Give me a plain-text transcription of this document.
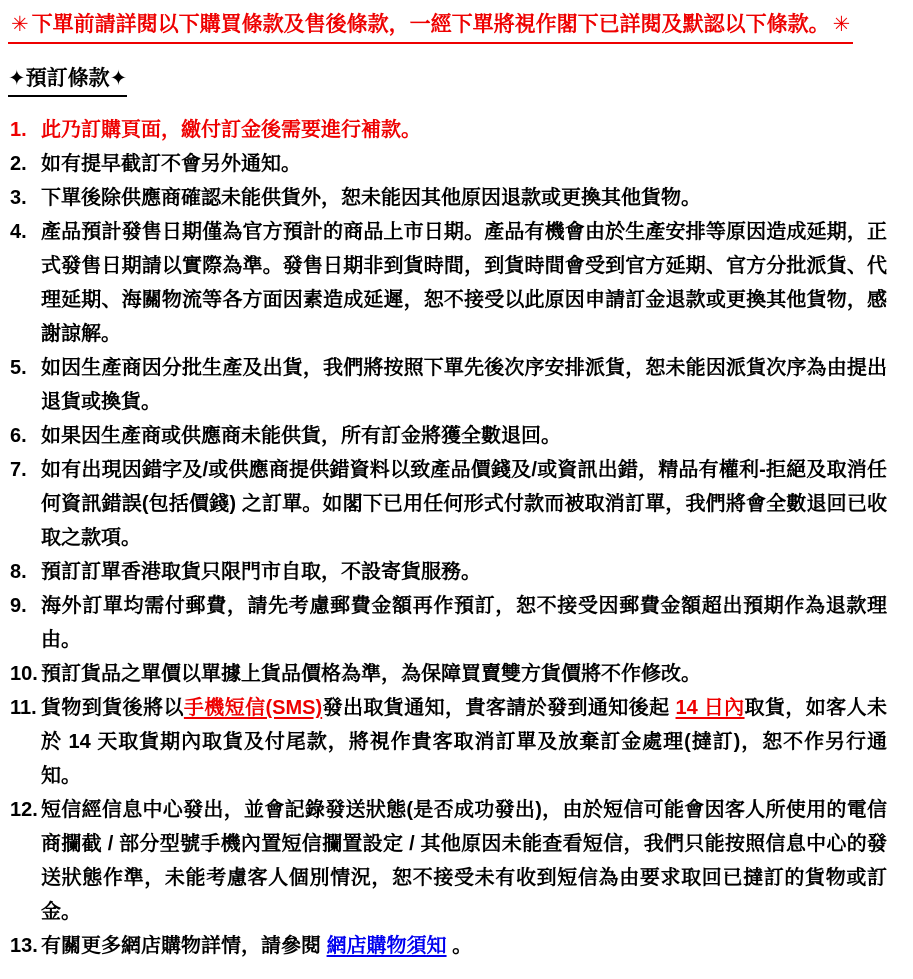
✳ 下單前請詳閱以下購買條款及售後條款，一經下單將視作閣下已詳閱及默認以下條款。 ✳
✦預訂條款✦
1. 此乃訂購頁面，繳付訂金後需要進行補款。
2. 如有提早截訂不會另外通知。
3. 下單後除供應商確認未能供貨外，恕未能因其他原因退款或更換其他貨物。
4. 產品預計發售日期僅為官方預計的商品上市日期。產品有機會由於生產安排等原因造成延期，正式發售日期請以實際為準。發售日期非到貨時間，到貨時間會受到官方延期、官方分批派貨、代理延期、海關物流等各方面因素造成延遲，恕不接受以此原因申請訂金退款或更換其他貨物，感謝諒解。
5. 如因生產商因分批生產及出貨，我們將按照下單先後次序安排派貨，恕未能因派貨次序為由提出退貨或換貨。
6. 如果因生產商或供應商未能供貨，所有訂金將獲全數退回。
7. 如有出現因錯字及/或供應商提供錯資料以致產品價錢及/或資訊出錯，精品有權利-拒絕及取消任何資訊錯誤(包括價錢) 之訂單。如閣下已用任何形式付款而被取消訂單，我們將會全數退回已收取之款項。
8. 預訂訂單香港取貨只限門市自取，不設寄貨服務。
9. 海外訂單均需付郵費，請先考慮郵費金額再作預訂，恕不接受因郵費金額超出預期作為退款理由。
10. 預訂貨品之單價以單據上貨品價格為準，為保障買賣雙方貨價將不作修改。
11. 貨物到貨後將以手機短信(SMS)發出取貨通知，貴客請於發到通知後起 14 日內取貨，如客人未於 14 天取貨期內取貨及付尾款，將視作貴客取消訂單及放棄訂金處理(撻訂)，恕不作另行通知。
12. 短信經信息中心發出，並會記錄發送狀態(是否成功發出)，由於短信可能會因客人所使用的電信商攔截 / 部分型號手機內置短信攔置設定 / 其他原因未能查看短信，我們只能按照信息中心的發送狀態作準，未能考慮客人個別情況，恕不接受未有收到短信為由要求取回已撻訂的貨物或訂金。
13. 有關更多網店購物詳情，請參閱 網店購物須知 。
